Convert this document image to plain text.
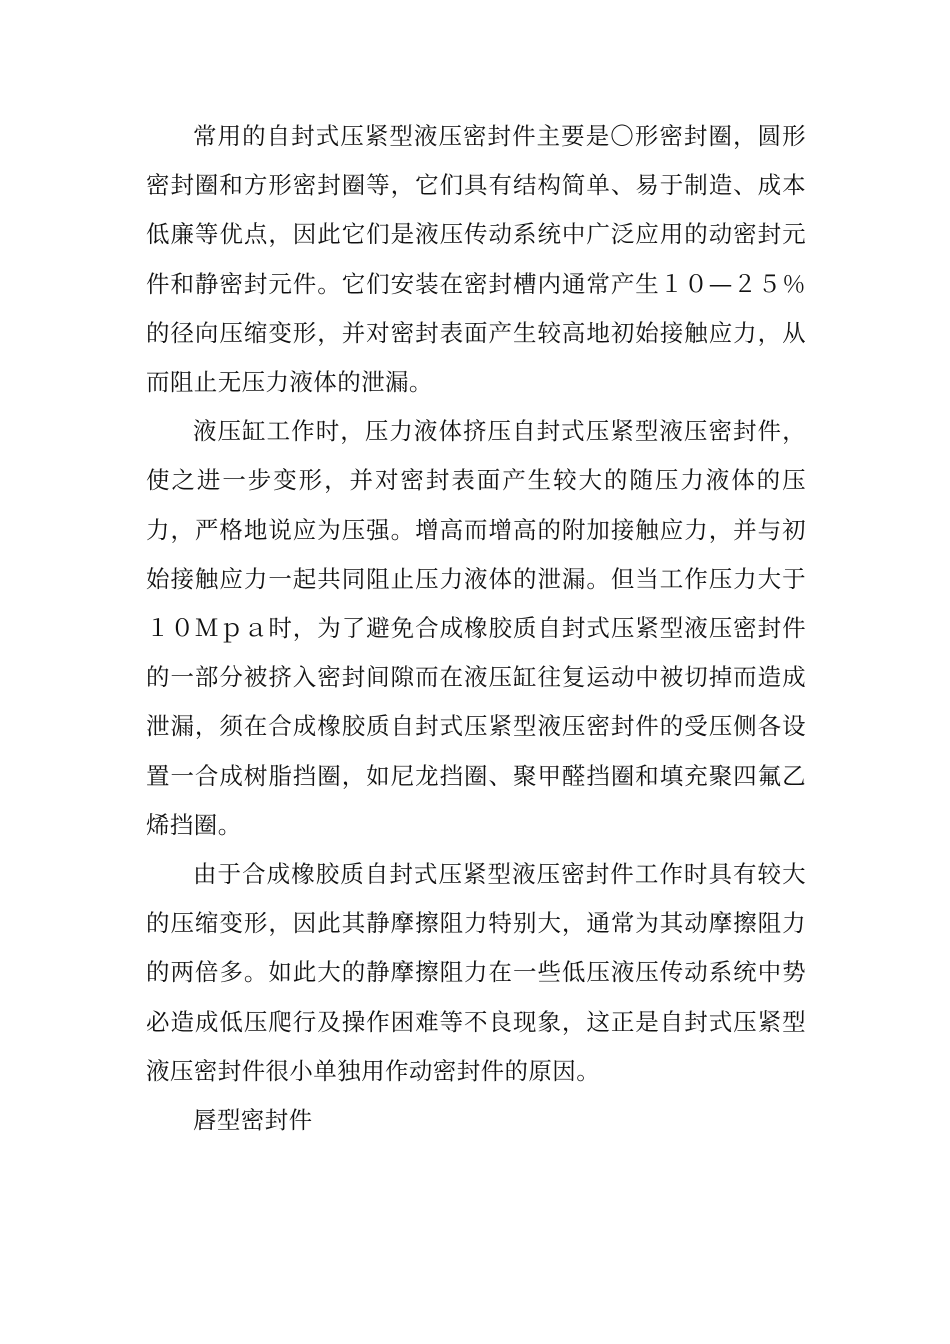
常用的自封式压紧型液压密封件主要是〇形密封圈，圆形密封圈和方形密封圈等，它们具有结构简单、易于制造、成本低廉等优点，因此它们是液压传动系统中广泛应用的动密封元件和静密封元件。它们安装在密封槽内通常产生１０—２５％的径向压缩变形，并对密封表面产生较高地初始接触应力，从而阻止无压力液体的泄漏。

液压缸工作时，压力液体挤压自封式压紧型液压密封件，使之进一步变形，并对密封表面产生较大的随压力液体的压力，严格地说应为压强。增高而增高的附加接触应力，并与初始接触应力一起共同阻止压力液体的泄漏。但当工作压力大于１０Ｍｐａ时，为了避免合成橡胶质自封式压紧型液压密封件的一部分被挤入密封间隙而在液压缸往复运动中被切掉而造成泄漏，须在合成橡胶质自封式压紧型液压密封件的受压侧各设置一合成树脂挡圈，如尼龙挡圈、聚甲醛挡圈和填充聚四氟乙烯挡圈。

由于合成橡胶质自封式压紧型液压密封件工作时具有较大的压缩变形，因此其静摩擦阻力特别大，通常为其动摩擦阻力的两倍多。如此大的静摩擦阻力在一些低压液压传动系统中势必造成低压爬行及操作困难等不良现象，这正是自封式压紧型液压密封件很小单独用作动密封件的原因。

唇型密封件
